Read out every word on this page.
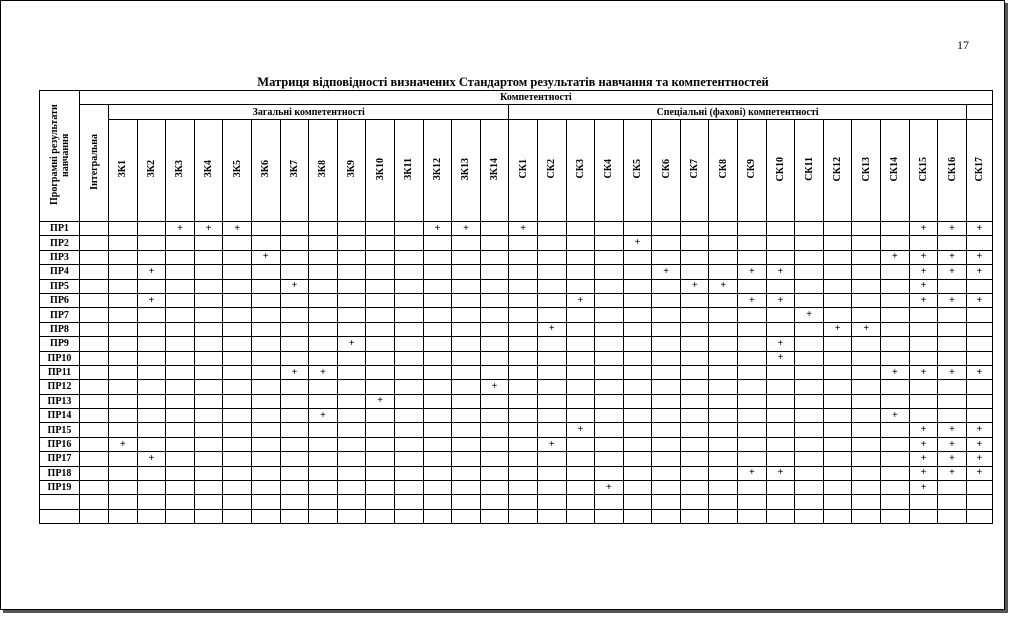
17
Матриця відповідності визначених Стандартом результатів навчання та компетентностей
Програмні результати навчання	Компетентності																																
	Інтегральна	Загальні компетентності														Спеціальні (фахові) компетентності																	
		ЗК1	ЗК2	ЗК3	ЗК4	ЗК5	ЗК6	ЗК7	ЗК8	ЗК9	ЗК10	ЗК11	ЗК12	ЗК13	ЗК14	СК1	СК2	СК3	СК4	СК5	СК6	СК7	СК8	СК9	СК10	СК11	СК12	СК13	СК14	СК15	СК16	СК17	
ПР1				+	+	+							+	+		+														+	+	+	
ПР2																				+													
ПР3							+																						+	+	+	+	
ПР4			+																		+			+	+					+	+	+	
ПР5								+														+	+							+			
ПР6			+															+						+	+					+	+	+	
ПР7																										+							
ПР8																	+										+	+					
ПР9										+															+								
ПР10																									+								
ПР11								+	+																				+	+	+	+	
ПР12															+																		
ПР13											+																						
ПР14									+																				+				
ПР15																		+												+	+	+	
ПР16		+															+													+	+	+	
ПР17			+																											+	+	+	
ПР18																								+	+					+	+	+	
ПР19																			+											+			
